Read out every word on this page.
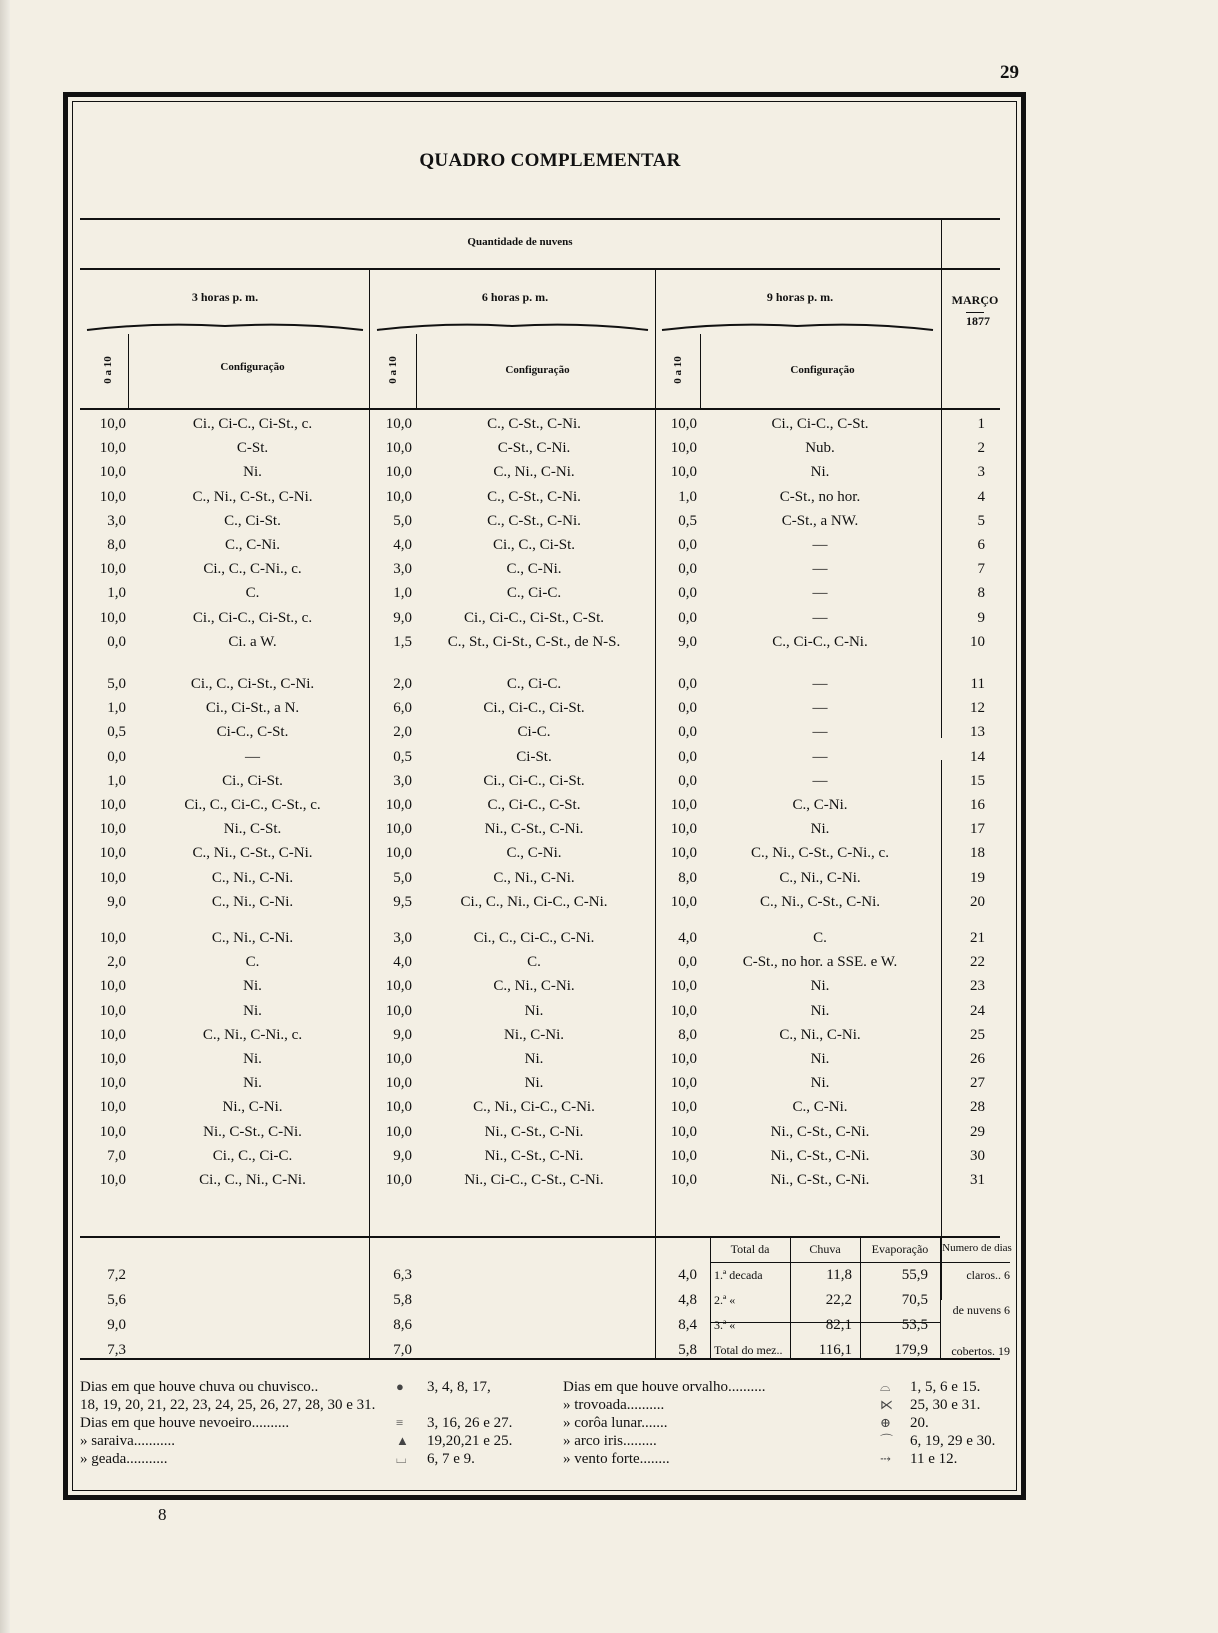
29
8
QUADRO COMPLEMENTAR
Quantidade de nuvens
3 horas p. m.	6 horas p. m.	9 horas p. m.	MARÇO
1877
0 a 10	0 a 10	0 a 10
Configuração	Configuração	Configuração
10,0	Ci., Ci-C., Ci-St., c.	10,0	C., C-St., C-Ni.	10,0	Ci., Ci-C., C-St.	1
10,0	C-St.	10,0	C-St., C-Ni.	10,0	Nub.	2
10,0	Ni.	10,0	C., Ni., C-Ni.	10,0	Ni.	3
10,0	C., Ni., C-St., C-Ni.	10,0	C., C-St., C-Ni.	1,0	C-St., no hor.	4
3,0	C., Ci-St.	5,0	C., C-St., C-Ni.	0,5	C-St., a NW.	5
8,0	C., C-Ni.	4,0	Ci., C., Ci-St.	0,0	—	6
10,0	Ci., C., C-Ni., c.	3,0	C., C-Ni.	0,0	—	7
1,0	C.	1,0	C., Ci-C.	0,0	—	8
10,0	Ci., Ci-C., Ci-St., c.	9,0	Ci., Ci-C., Ci-St., C-St.	0,0	—	9
0,0	Ci. a W.	1,5	C., St., Ci-St., C-St., de N-S.	9,0	C., Ci-C., C-Ni.	10
5,0	Ci., C., Ci-St., C-Ni.	2,0	C., Ci-C.	0,0	—	11
1,0	Ci., Ci-St., a N.	6,0	Ci., Ci-C., Ci-St.	0,0	—	12
0,5	Ci-C., C-St.	2,0	Ci-C.	0,0	—	13
0,0	—	0,5	Ci-St.	0,0	—	14
1,0	Ci., Ci-St.	3,0	Ci., Ci-C., Ci-St.	0,0	—	15
10,0	Ci., C., Ci-C., C-St., c.	10,0	C., Ci-C., C-St.	10,0	C., C-Ni.	16
10,0	Ni., C-St.	10,0	Ni., C-St., C-Ni.	10,0	Ni.	17
10,0	C., Ni., C-St., C-Ni.	10,0	C., C-Ni.	10,0	C., Ni., C-St., C-Ni., c.	18
10,0	C., Ni., C-Ni.	5,0	C., Ni., C-Ni.	8,0	C., Ni., C-Ni.	19
9,0	C., Ni., C-Ni.	9,5	Ci., C., Ni., Ci-C., C-Ni.	10,0	C., Ni., C-St., C-Ni.	20
10,0	C., Ni., C-Ni.	3,0	Ci., C., Ci-C., C-Ni.	4,0	C.	21
2,0	C.	4,0	C.	0,0	C-St., no hor. a SSE. e W.	22
10,0	Ni.	10,0	C., Ni., C-Ni.	10,0	Ni.	23
10,0	Ni.	10,0	Ni.	10,0	Ni.	24
10,0	C., Ni., C-Ni., c.	9,0	Ni., C-Ni.	8,0	C., Ni., C-Ni.	25
10,0	Ni.	10,0	Ni.	10,0	Ni.	26
10,0	Ni.	10,0	Ni.	10,0	Ni.	27
10,0	Ni., C-Ni.	10,0	C., Ni., Ci-C., C-Ni.	10,0	C., C-Ni.	28
10,0	Ni., C-St., C-Ni.	10,0	Ni., C-St., C-Ni.	10,0	Ni., C-St., C-Ni.	29
7,0	Ci., C., Ci-C.	9,0	Ni., C-St., C-Ni.	10,0	Ni., C-St., C-Ni.	30
10,0	Ci., C., Ni., C-Ni.	10,0	Ni., Ci-C., C-St., C-Ni.	10,0	Ni., C-St., C-Ni.	31
Total da	Chuva	Evaporação	Numero de dias
7,2	6,3	4,0 1.ª decada	11,8	55,9
5,6	5,8	4,8 2.ª «	22,2	70,5
9,0	8,6	8,4 3.ª «	82,1	53,5
7,3	7,0	5,8 Total do mez..	116,1	179,9
claros.. 6
de nuvens 6
cobertos. 19
Dias em que houve chuva ou chuvisco..	● 3, 4, 8, 17,
18, 19, 20, 21, 22, 23, 24, 25, 26, 27, 28, 30 e 31.
Dias em que houve nevoeiro..........	≡ 3, 16, 26 e 27.
» saraiva...........	▲ 19,20,21 e 25.
» geada...........	⌴ 6, 7 e 9.
Dias em que houve orvalho..........	⌓ 1, 5, 6 e 15.
» trovoada..........	⋉ 25, 30 e 31.
» corôa lunar.......	⊕ 20.
» arco iris.........	⌒ 6, 19, 29 e 30.
» vento forte........	⤏ 11 e 12.
